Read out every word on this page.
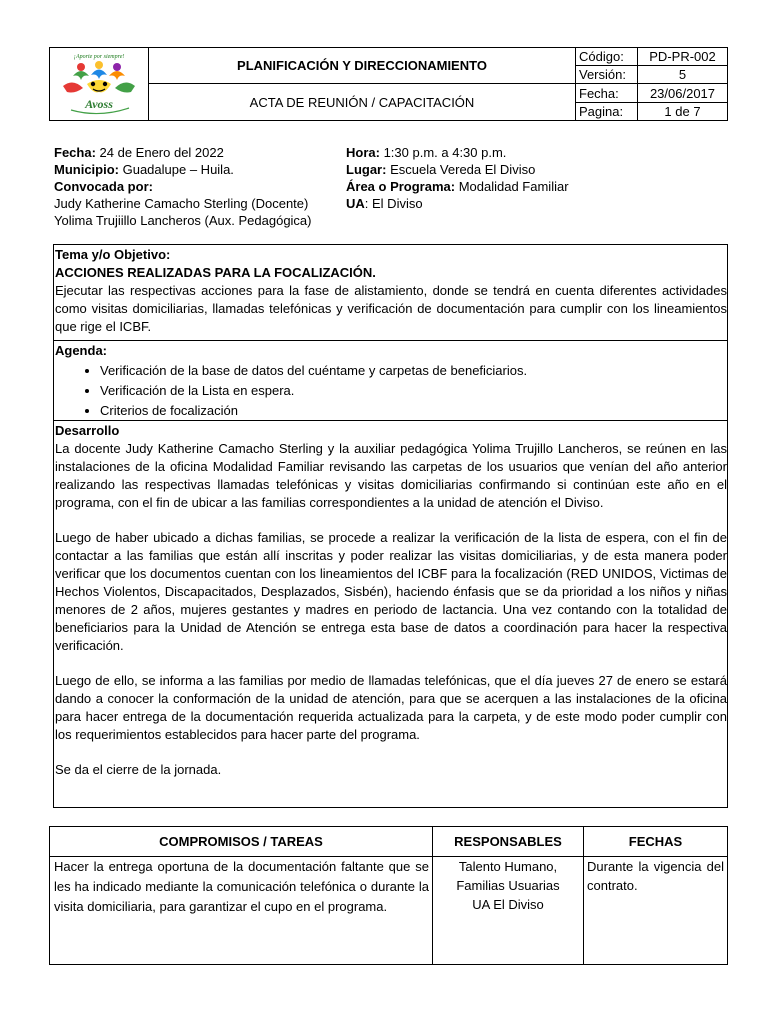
¡Aporte por siempre!
Avoss	PLANIFICACIÓN Y DIRECCIONAMIENTO	Código:	PD-PR-002
		Versión:	5
	ACTA DE REUNIÓN / CAPACITACIÓN	Fecha:	23/06/2017
		Pagina:	1 de 7
Fecha: 24 de Enero del 2022
Municipio: Guadalupe – Huila.
Convocada por:
Judy Katherine Camacho Sterling (Docente)
Yolima Trujiillo Lancheros (Aux. Pedagógica)
Hora: 1:30 p.m. a 4:30 p.m.
Lugar: Escuela Vereda El Diviso
Área o Programa: Modalidad Familiar
UA: El Diviso
Tema y/o Objetivo:
ACCIONES REALIZADAS PARA LA FOCALIZACIÓN.

Ejecutar las respectivas acciones para la fase de alistamiento, donde se tendrá en cuenta diferentes actividades como visitas domiciliarias, llamadas telefónicas y verificación de documentación para cumplir con los lineamientos que rige el ICBF.

Agenda:
• Verificación de la base de datos del cuéntame y carpetas de beneficiarios.
• Verificación de la Lista en espera.
• Criterios de focalización
Desarrollo

La docente Judy Katherine Camacho Sterling y la auxiliar pedagógica Yolima Trujillo Lancheros, se reúnen en las instalaciones de la oficina Modalidad Familiar revisando las carpetas de los usuarios que venían del año anterior realizando las respectivas llamadas telefónicas y visitas domiciliarias confirmando si continúan este año en el programa, con el fin de ubicar a las familias correspondientes a la unidad de atención el Diviso.

Luego de haber ubicado a dichas familias, se procede a realizar la verificación de la lista de espera, con el fin de contactar a las familias que están allí inscritas y poder realizar las visitas domiciliarias, y de esta manera poder verificar que los documentos cuentan con los lineamientos del ICBF para la focalización (RED UNIDOS, Victimas de Hechos Violentos, Discapacitados, Desplazados, Sisbén), haciendo énfasis que se da prioridad a los niños y niñas menores de 2 años, mujeres gestantes y madres en periodo de lactancia. Una vez contando con la totalidad de beneficiarios para la Unidad de Atención se entrega esta base de datos a coordinación para hacer la respectiva verificación.

Luego de ello, se informa a las familias por medio de llamadas telefónicas, que el día jueves 27 de enero se estará dando a conocer la conformación de la unidad de atención, para que se acerquen a las instalaciones de la oficina para hacer entrega de la documentación requerida actualizada para la carpeta, y de este modo poder cumplir con los requerimientos establecidos para hacer parte del programa.

Se da el cierre de la jornada.

COMPROMISOS / TAREAS	RESPONSABLES	FECHAS
Hacer la entrega oportuna de la documentación faltante que se les ha indicado mediante la comunicación telefónica o durante la visita domiciliaria, para garantizar el cupo en el programa.	Talento Humano,
Familias Usuarias
UA El Diviso	Durante la vigencia del contrato.
